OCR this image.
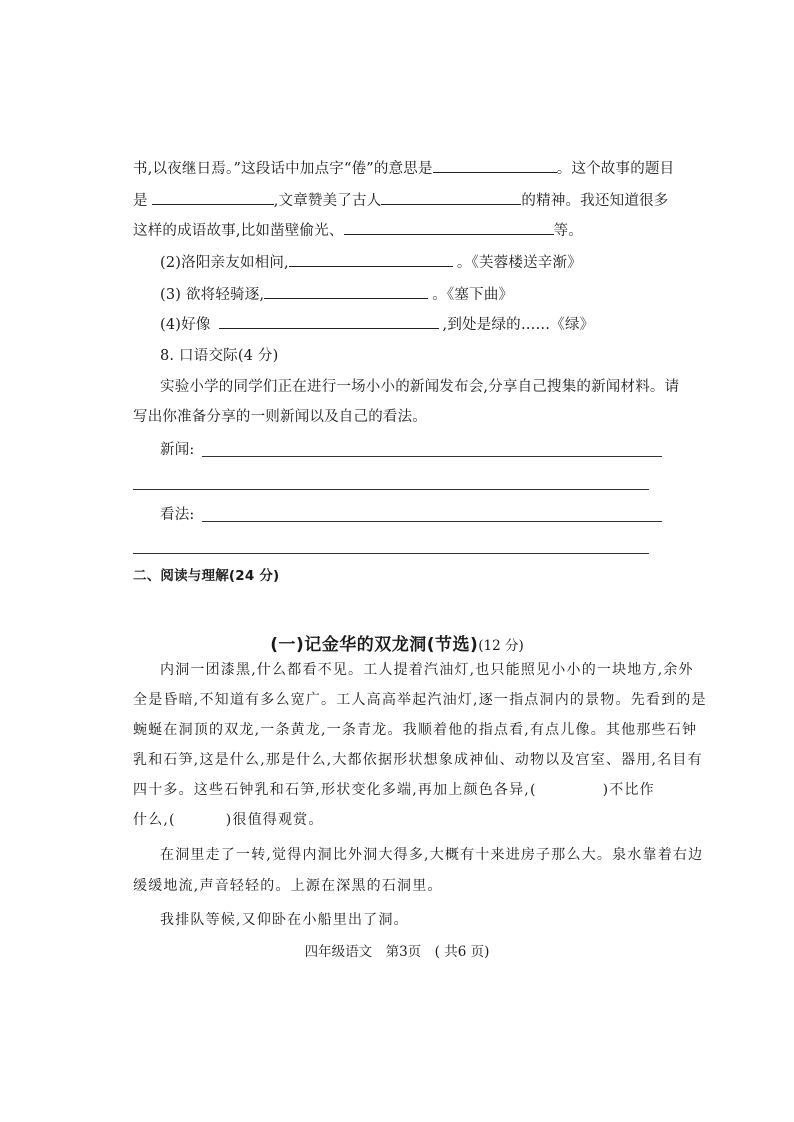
书,以夜继日焉。”这段话中加点字“倦”的意思是	。这个故事的题目
是	,文章赞美了古人	的精神。我还知道很多
这样的成语故事,比如凿壁偷光、	等。
(2)洛阳亲友如相问,	。《芙蓉楼送辛渐》
(3) 欲将轻骑逐,	。《塞下曲》
(4)好像	,到处是绿的……《绿》
8. 口语交际(4 分)
实验小学的同学们正在进行一场小小的新闻发布会,分享自己搜集的新闻材料。请
写出你准备分享的一则新闻以及自己的看法。
新闻:
看法:
二、阅读与理解(24 分)
(一)记金华的双龙洞(节选)(12 分)
内洞一团漆黑,什么都看不见。工人提着汽油灯,也只能照见小小的一块地方,余外
全是昏暗,不知道有多么宽广。工人高高举起汽油灯,逐一指点洞内的景物。先看到的是
蜿蜒在洞顶的双龙,一条黄龙,一条青龙。我顺着他的指点看,有点儿像。其他那些石钟
乳和石笋,这是什么,那是什么,大都依据形状想象成神仙、动物以及宫室、器用,名目有
四十多。这些石钟乳和石笋,形状变化多端,再加上颜色各异,(	)不比作
什么,(	)很值得观赏。
在洞里走了一转,觉得内洞比外洞大得多,大概有十来进房子那么大。泉水靠着右边
缓缓地流,声音轻轻的。上源在深黑的石洞里。
我排队等候,又仰卧在小船里出了洞。
四年级语文　第3页　( 共6 页)
